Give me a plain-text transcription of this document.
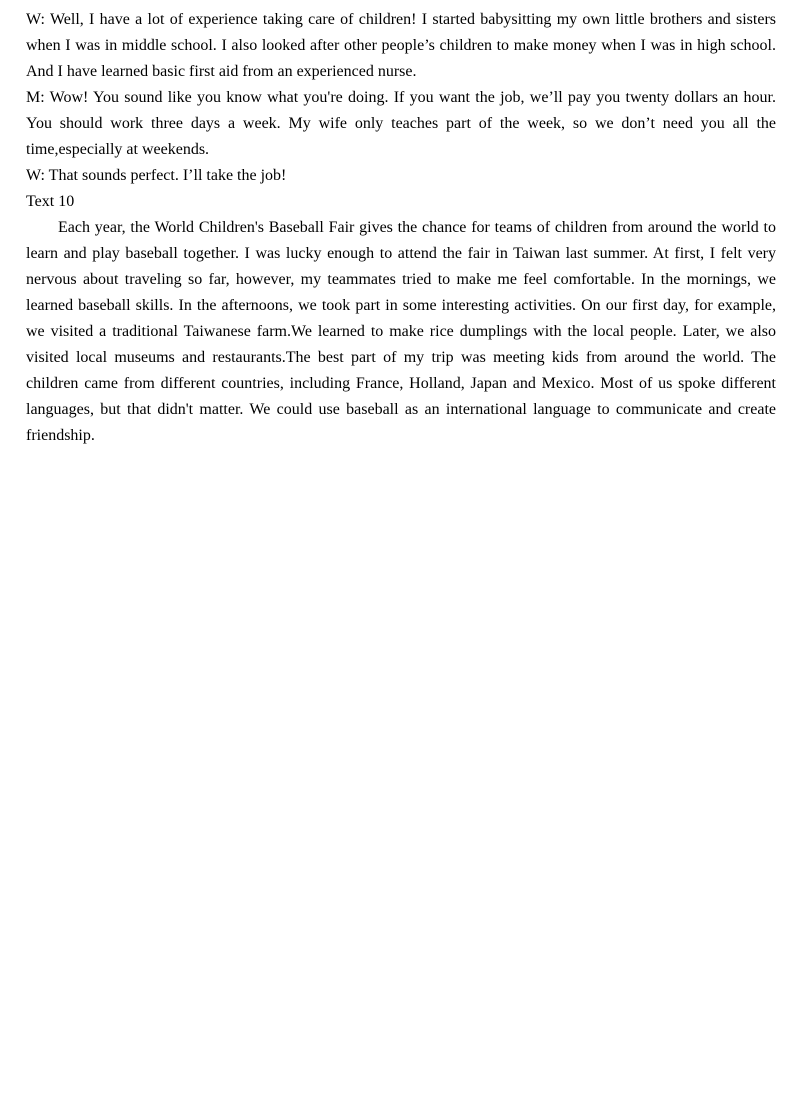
W: Well, I have a lot of experience taking care of children! I started babysitting my own little brothers and sisters when I was in middle school. I also looked after other people’s children to make money when I was in high school. And I have learned basic first aid from an experienced nurse.

M: Wow! You sound like you know what you're doing. If you want the job, we’ll pay you twenty dollars an hour. You should work three days a week. My wife only teaches part of the week, so we don’t need you all the time,especially at weekends.

W: That sounds perfect. I’ll take the job!

Text 10

Each year, the World Children's Baseball Fair gives the chance for teams of children from around the world to learn and play baseball together. I was lucky enough to attend the fair in Taiwan last summer. At first, I felt very nervous about traveling so far, however, my teammates tried to make me feel comfortable. In the mornings, we learned baseball skills. In the afternoons, we took part in some interesting activities. On our first day, for example, we visited a traditional Taiwanese farm.We learned to make rice dumplings with the local people. Later, we also visited local museums and restaurants.The best part of my trip was meeting kids from around the world. The children came from different countries, including France, Holland, Japan and Mexico. Most of us spoke different languages, but that didn't matter. We could use baseball as an international language to communicate and create friendship.
